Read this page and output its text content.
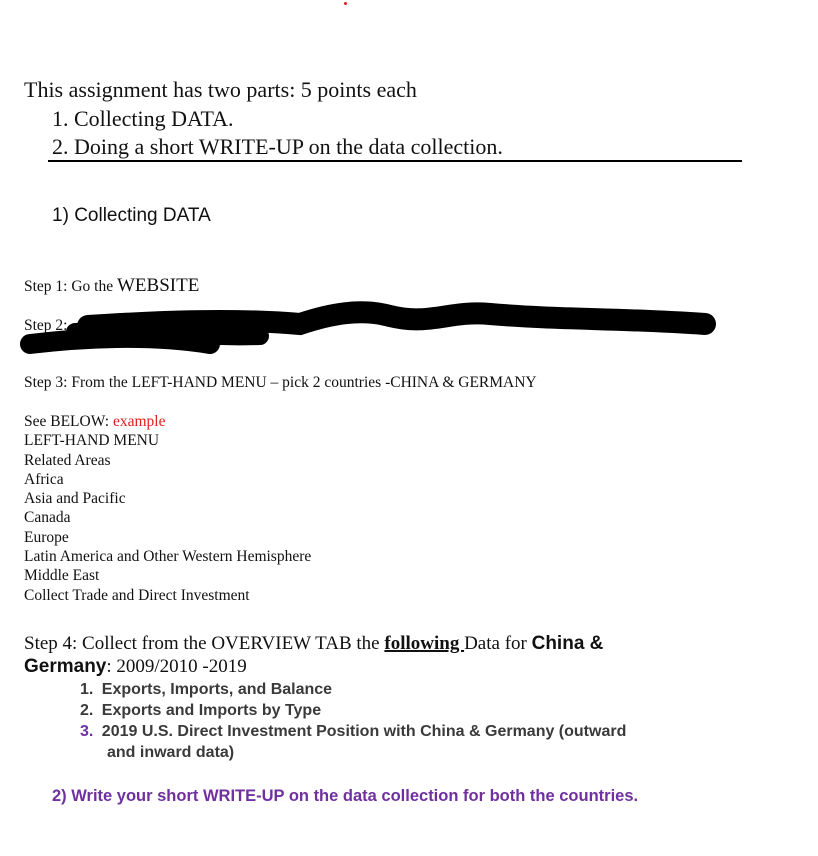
This assignment has two parts: 5 points each
1. Collecting DATA.
2. Doing a short WRITE-UP on the data collection.
1) Collecting DATA
Step 1: Go the WEBSITE
Step 2:
Step 3: From the LEFT-HAND MENU – pick 2 countries -CHINA & GERMANY
See BELOW: example
LEFT-HAND MENU
Related Areas
Africa
Asia and Pacific
Canada
Europe
Latin America and Other Western Hemisphere
Middle East
Collect Trade and Direct Investment
Step 4: Collect from the OVERVIEW TAB the following Data for China &
Germany: 2009/2010 -2019
1. Exports, Imports, and Balance
2. Exports and Imports by Type
3. 2019 U.S. Direct Investment Position with China & Germany (outward
and inward data)
2) Write your short WRITE-UP on the data collection for both the countries.
